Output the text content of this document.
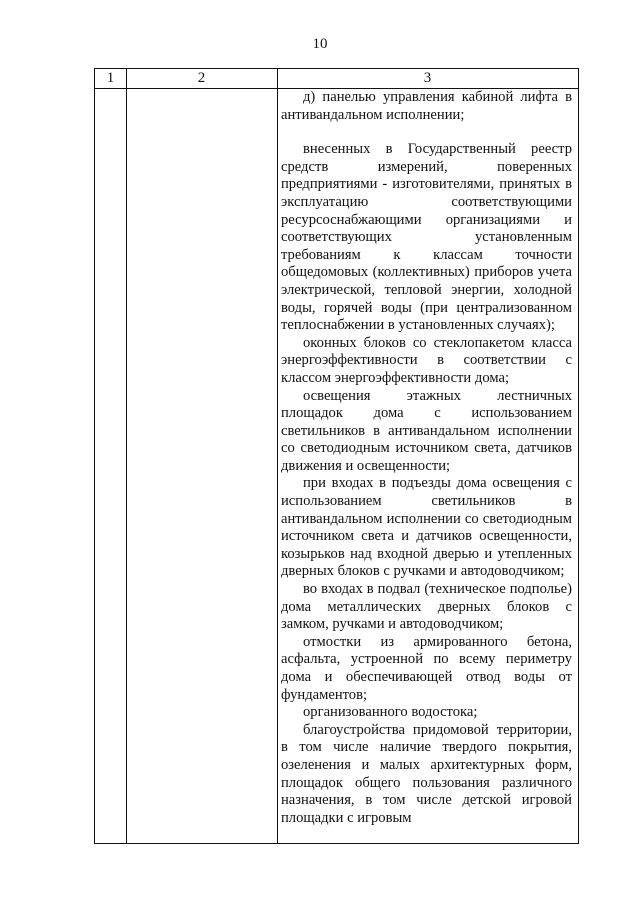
10
1	2	3

д) панелью управления кабиной лифта в антивандальном исполнении;

внесенных в Государственный реестр средств измерений, поверенных предприятиями - изготовителями, принятых в эксплуатацию соответствующими ресурсоснабжающими организациями и соответствующих установленным требованиям к классам точности общедомовых (коллективных) приборов учета электрической, тепловой энергии, холодной воды, горячей воды (при централизованном теплоснабжении в установленных случаях);

оконных блоков со стеклопакетом класса энергоэффективности в соответствии с классом энергоэффективности дома;

освещения этажных лестничных площадок дома с использованием светильников в антивандальном исполнении со светодиодным источником света, датчиков движения и освещенности;

при входах в подъезды дома освещения с использованием светильников в антивандальном исполнении со светодиодным источником света и датчиков освещенности, козырьков над входной дверью и утепленных дверных блоков с ручками и автодоводчиком;

во входах в подвал (техническое подполье) дома металлических дверных блоков с замком, ручками и автодоводчиком;

отмостки из армированного бетона, асфальта, устроенной по всему периметру дома и обеспечивающей отвод воды от фундаментов;

организованного водостока;

благоустройства придомовой территории, в том числе наличие твердого покрытия, озеленения и малых архитектурных форм, площадок общего пользования различного назначения, в том числе детской игровой площадки с игровым
